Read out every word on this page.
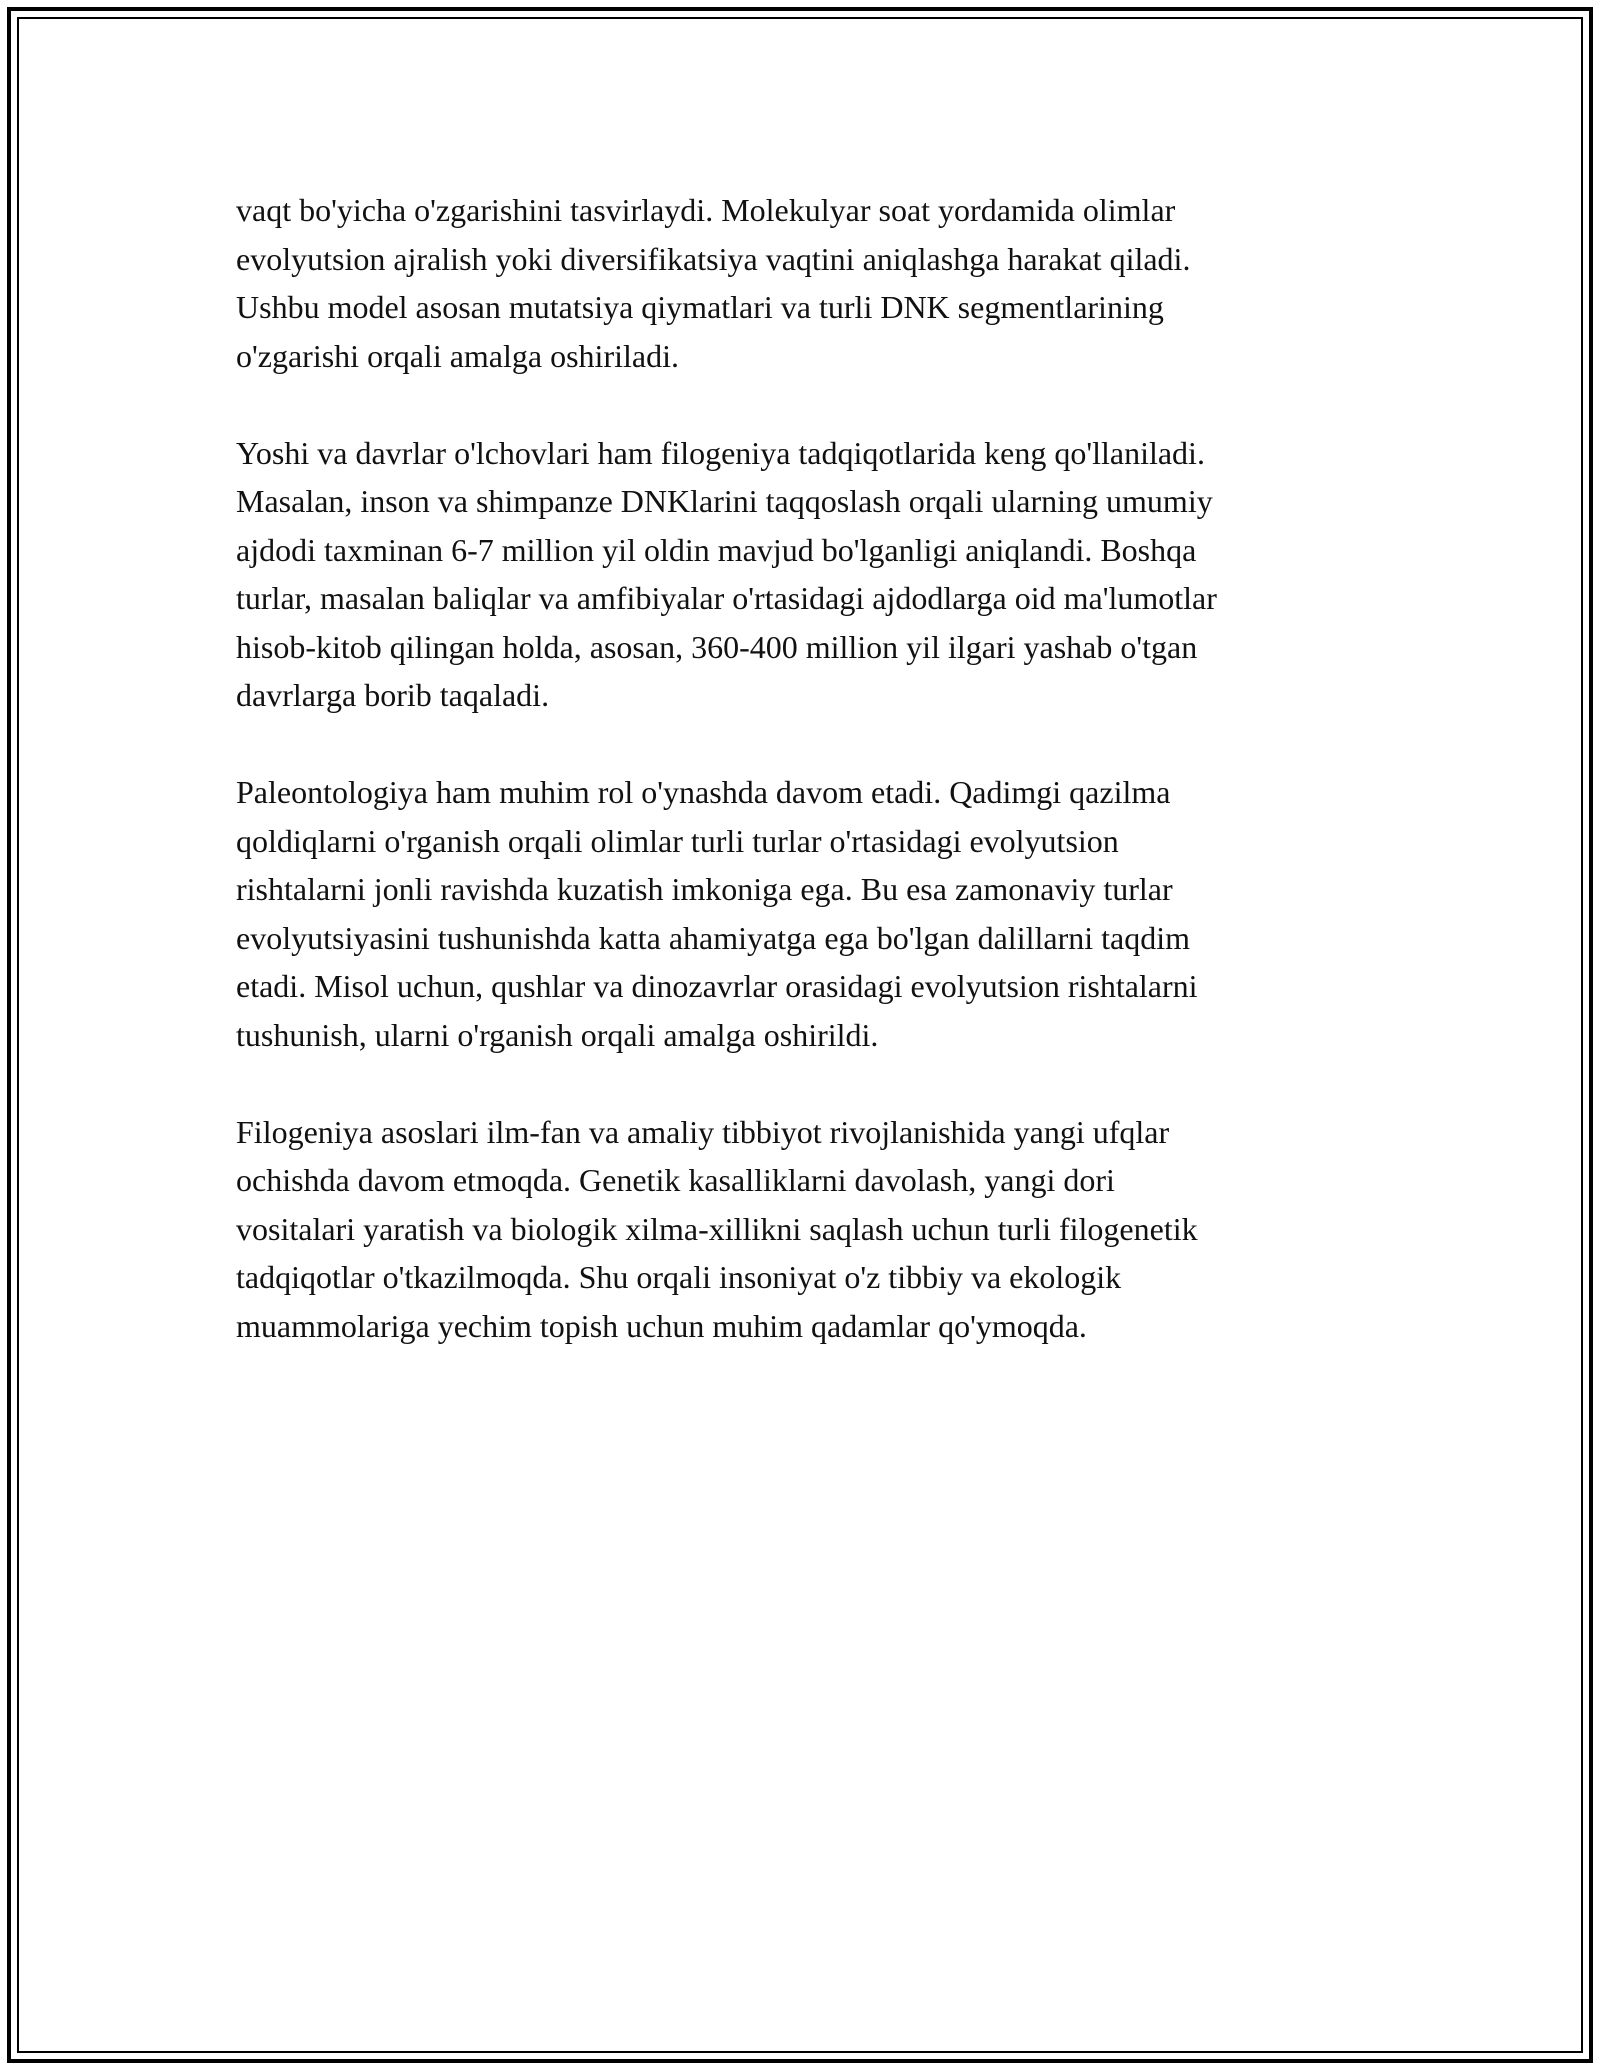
vaqt bo'yicha o'zgarishini tasvirlaydi. Molekulyar soat yordamida olimlar
evolyutsion ajralish yoki diversifikatsiya vaqtini aniqlashga harakat qiladi.
Ushbu model asosan mutatsiya qiymatlari va turli DNK segmentlarining
o'zgarishi orqali amalga oshiriladi.

Yoshi va davrlar o'lchovlari ham filogeniya tadqiqotlarida keng qo'llaniladi.
Masalan, inson va shimpanze DNKlarini taqqoslash orqali ularning umumiy
ajdodi taxminan 6-7 million yil oldin mavjud bo'lganligi aniqlandi. Boshqa
turlar, masalan baliqlar va amfibiyalar o'rtasidagi ajdodlarga oid ma'lumotlar
hisob-kitob qilingan holda, asosan, 360-400 million yil ilgari yashab o'tgan
davrlarga borib taqaladi.

Paleontologiya ham muhim rol o'ynashda davom etadi. Qadimgi qazilma
qoldiqlarni o'rganish orqali olimlar turli turlar o'rtasidagi evolyutsion
rishtalarni jonli ravishda kuzatish imkoniga ega. Bu esa zamonaviy turlar
evolyutsiyasini tushunishda katta ahamiyatga ega bo'lgan dalillarni taqdim
etadi. Misol uchun, qushlar va dinozavrlar orasidagi evolyutsion rishtalarni
tushunish, ularni o'rganish orqali amalga oshirildi.

Filogeniya asoslari ilm-fan va amaliy tibbiyot rivojlanishida yangi ufqlar
ochishda davom etmoqda. Genetik kasalliklarni davolash, yangi dori
vositalari yaratish va biologik xilma-xillikni saqlash uchun turli filogenetik
tadqiqotlar o'tkazilmoqda. Shu orqali insoniyat o'z tibbiy va ekologik
muammolariga yechim topish uchun muhim qadamlar qo'ymoqda.
